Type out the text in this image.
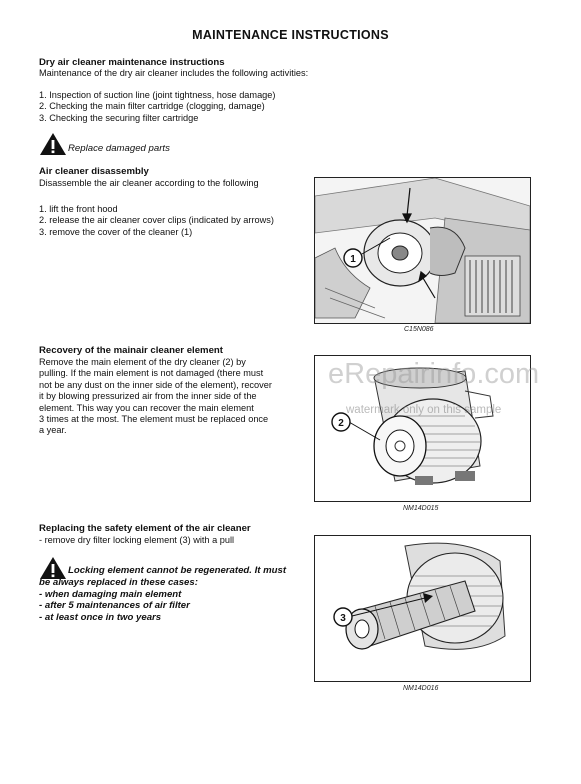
MAINTENANCE INSTRUCTIONS
Dry air cleaner maintenance instructions
Maintenance of the dry air cleaner includes the following activities:
1. Inspection of suction line (joint tightness, hose damage)
2. Checking the main filter cartridge (clogging, damage)
3. Checking the securing filter cartridge
Replace damaged parts
Air cleaner disassembly
Disassemble the air cleaner according to the following
1. lift the front hood
2. release the air cleaner cover clips (indicated by arrows)
3. remove the cover of the cleaner (1)
1
C15N086
Recovery of the mainair cleaner element
Remove the main element of the dry cleaner (2) by
pulling. If the main element is not damaged (there must
not be any dust on the inner side of the element), recover
it by blowing pressurized air from the inner side of the
element. This way you can recover the main element
3 times at the most. The element must be replaced once
a year.
2
NM14D015
Replacing the safety element of the air cleaner
- remove dry filter locking element (3) with a pull
Locking element cannot be regenerated. It must
be always replaced in these cases:
- when damaging main element
- after 5 maintenances of air filter
- at least once in two years	3
NM14D016
eRepairinfo.com
watermark only on this sample
